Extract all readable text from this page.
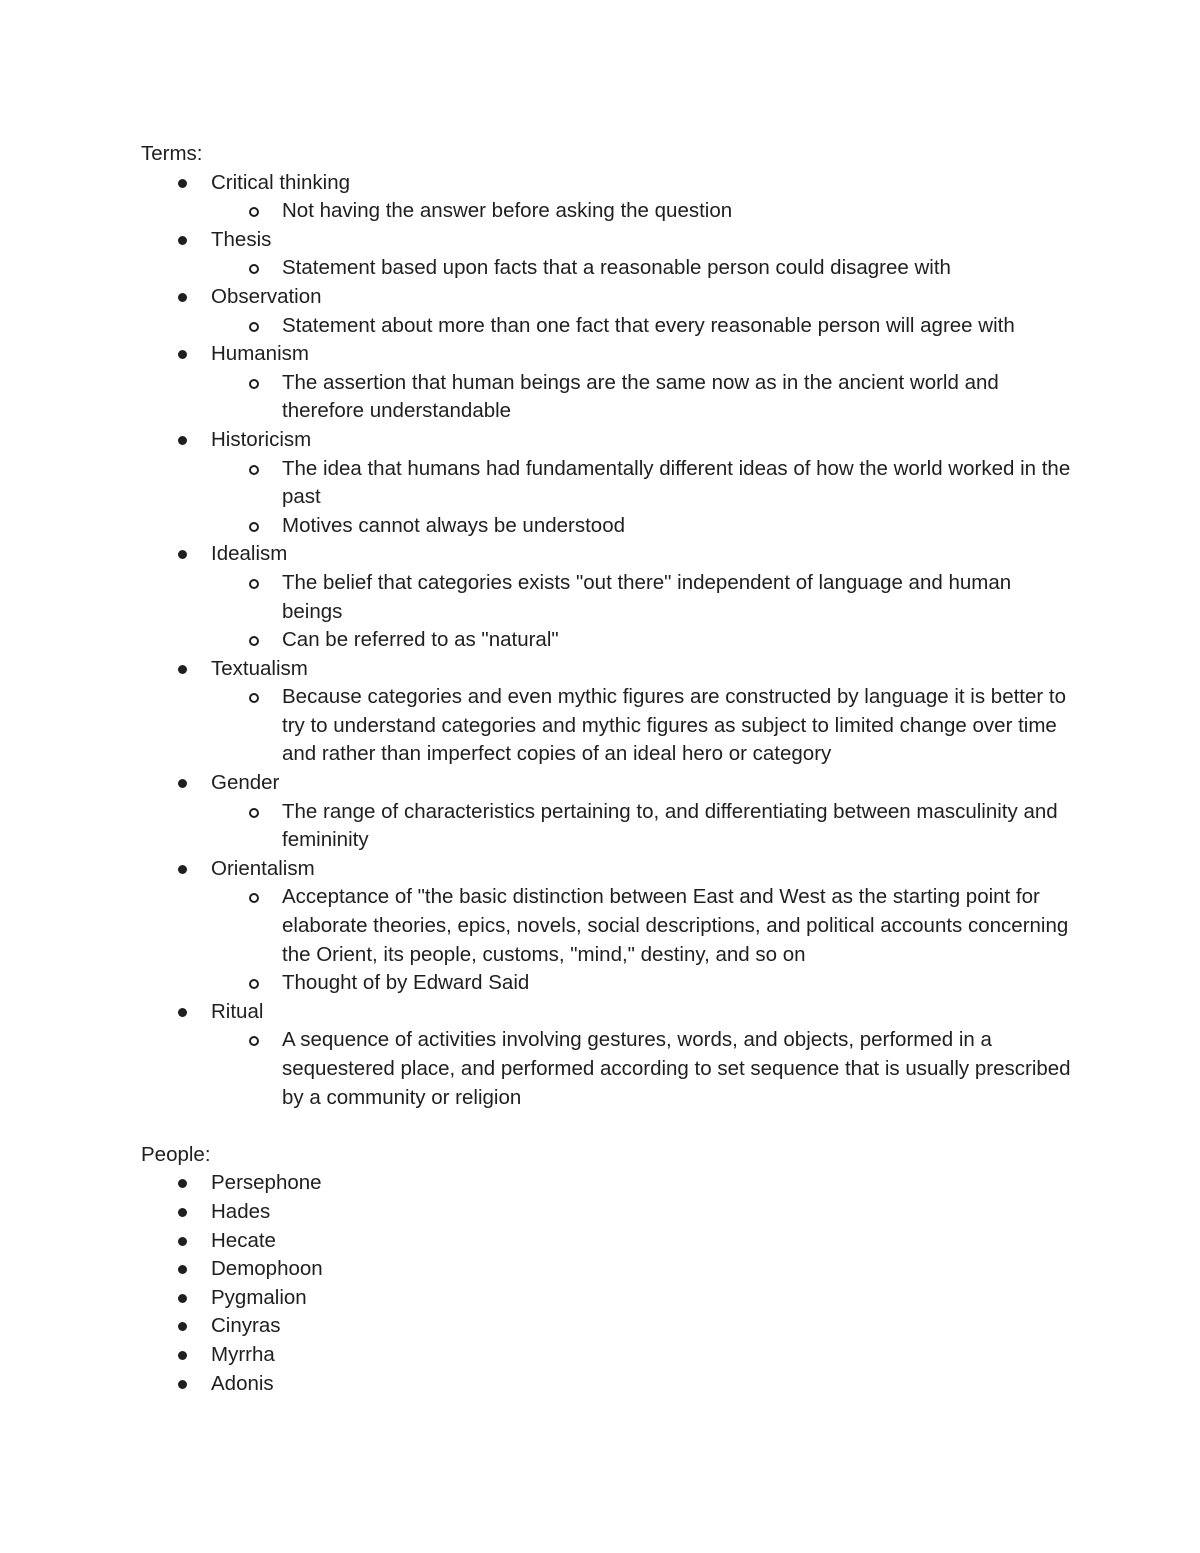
Terms:

Critical thinking
Not having the answer before asking the question
Thesis
Statement based upon facts that a reasonable person could disagree with
Observation
Statement about more than one fact that every reasonable person will agree with
Humanism
The assertion that human beings are the same now as in the ancient world and therefore understandable
Historicism
The idea that humans had fundamentally different ideas of how the world worked in the past
Motives cannot always be understood
Idealism
The belief that categories exists "out there" independent of language and human beings
Can be referred to as "natural"
Textualism
Because categories and even mythic figures are constructed by language it is better to try to understand categories and mythic figures as subject to limited change over time and rather than imperfect copies of an ideal hero or category
Gender
The range of characteristics pertaining to, and differentiating between masculinity and femininity
Orientalism
Acceptance of "the basic distinction between East and West as the starting point for elaborate theories, epics, novels, social descriptions, and political accounts concerning the Orient, its people, customs, "mind," destiny, and so on
Thought of by Edward Said
Ritual
A sequence of activities involving gestures, words, and objects, performed in a sequestered place, and performed according to set sequence that is usually prescribed by a community or religion

People:

Persephone
Hades
Hecate
Demophoon
Pygmalion
Cinyras
Myrrha
Adonis
